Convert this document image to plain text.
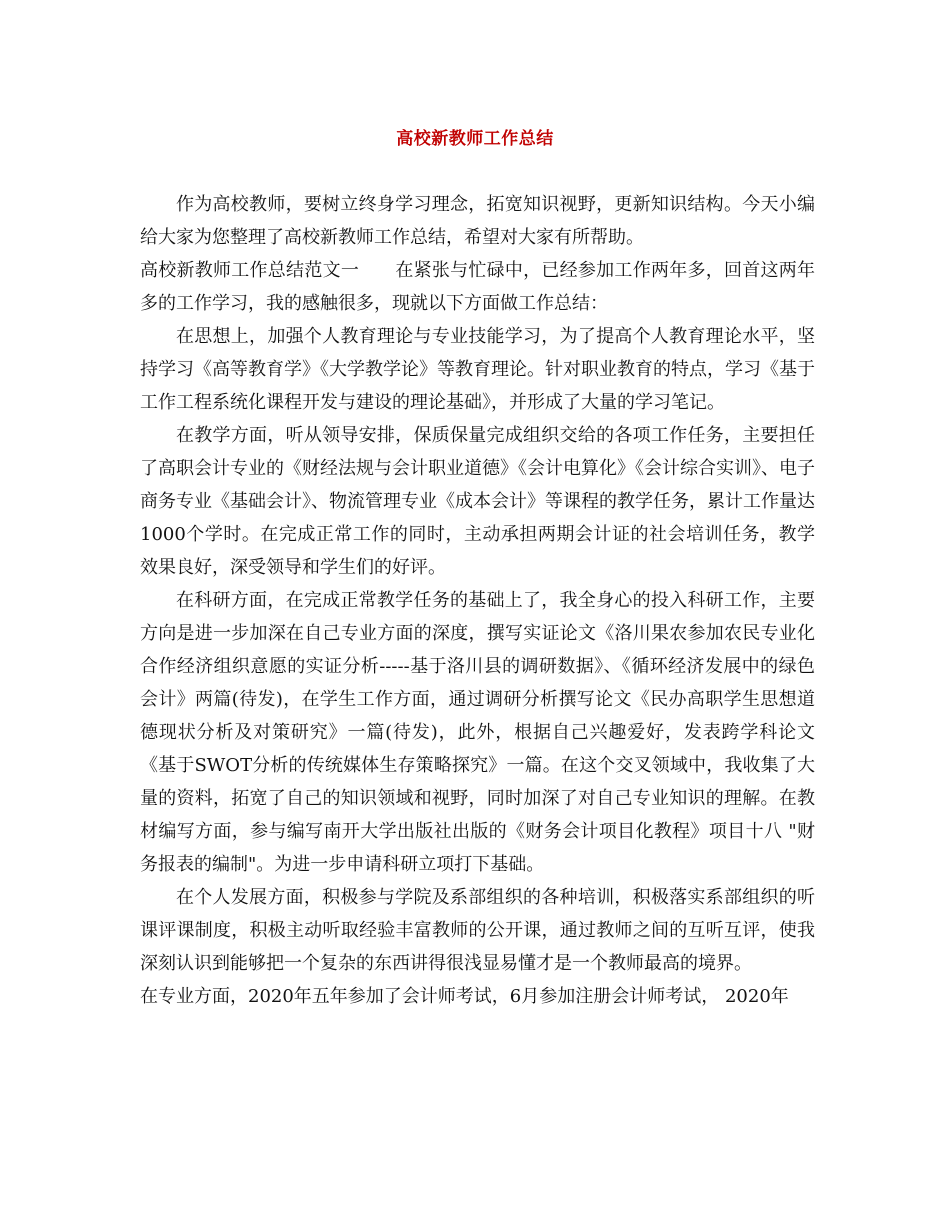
高校新教师工作总结

作为高校教师，要树立终身学习理念，拓宽知识视野，更新知识结构。今天小编给大家为您整理了高校新教师工作总结，希望对大家有所帮助。

高校新教师工作总结范文一 在紧张与忙碌中，已经参加工作两年多，回首这两年多的工作学习，我的感触很多，现就以下方面做工作总结：

在思想上，加强个人教育理论与专业技能学习，为了提高个人教育理论水平，坚持学习《高等教育学》《大学教学论》等教育理论。针对职业教育的特点，学习《基于工作工程系统化课程开发与建设的理论基础》，并形成了大量的学习笔记。

在教学方面，听从领导安排，保质保量完成组织交给的各项工作任务，主要担任了高职会计专业的《财经法规与会计职业道德》《会计电算化》《会计综合实训》、电子商务专业《基础会计》、物流管理专业《成本会计》等课程的教学任务，累计工作量达1000个学时。在完成正常工作的同时，主动承担两期会计证的社会培训任务，教学效果良好，深受领导和学生们的好评。

在科研方面，在完成正常教学任务的基础上了，我全身心的投入科研工作，主要方向是进一步加深在自己专业方面的深度，撰写实证论文《洛川果农参加农民专业化合作经济组织意愿的实证分析-----基于洛川县的调研数据》、《循环经济发展中的绿色会计》两篇(待发)，在学生工作方面，通过调研分析撰写论文《民办高职学生思想道德现状分析及对策研究》一篇(待发)，此外，根据自己兴趣爱好，发表跨学科论文《基于SWOT分析的传统媒体生存策略探究》一篇。在这个交叉领域中，我收集了大量的资料，拓宽了自己的知识领域和视野，同时加深了对自己专业知识的理解。在教材编写方面，参与编写南开大学出版社出版的《财务会计项目化教程》项目十八 "财务报表的编制"。为进一步申请科研立项打下基础。

在个人发展方面，积极参与学院及系部组织的各种培训，积极落实系部组织的听课评课制度，积极主动听取经验丰富教师的公开课，通过教师之间的互听互评，使我深刻认识到能够把一个复杂的东西讲得很浅显易懂才是一个教师最高的境界。

在专业方面，2020年五年参加了会计师考试，6月参加注册会计师考试， 2020年
